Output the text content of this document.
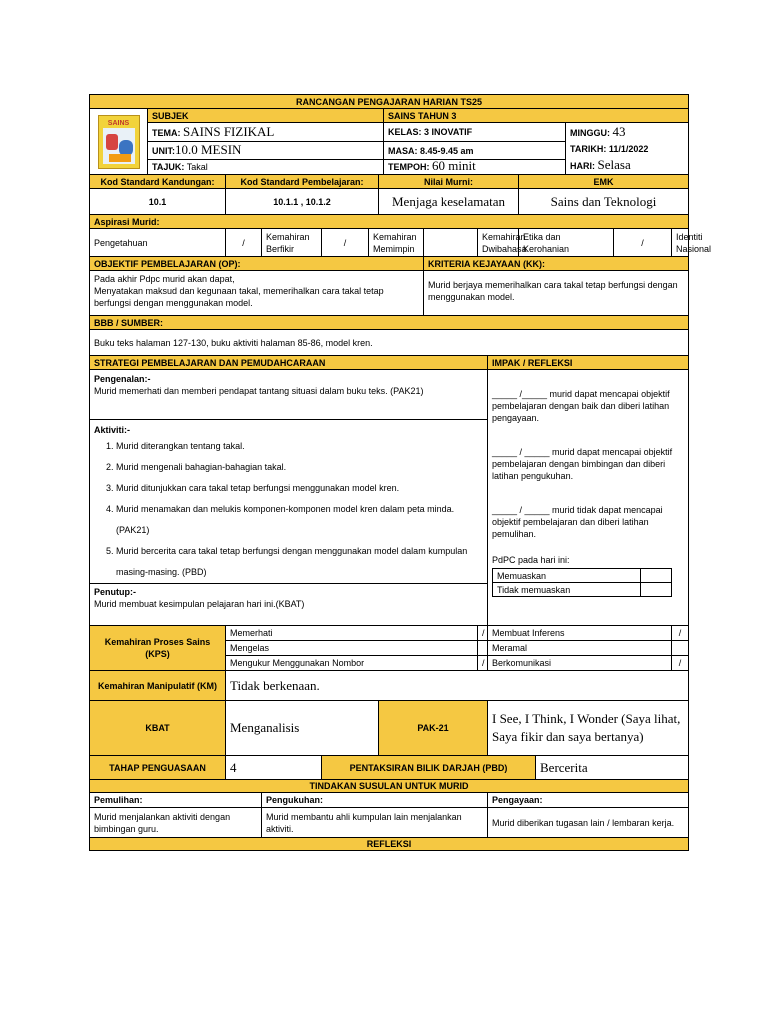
RANCANGAN PENGAJARAN HARIAN TS25

SAINS
	SUBJEK	SAINS TAHUN 3
TEMA: SAINS FIZIKAL	KELAS: 3 INOVATIF	MINGGU: 43
TARIKH: 11/1/2022
HARI: Selasa

UNIT:10.0 MESIN	MASA: 8.45-9.45 am
TAJUK: Takal	TEMPOH: 60 minit
Kod Standard Kandungan:	Kod Standard Pembelajaran:	Nilai Murni:	EMK
10.1	10.1.1 , 10.1.2	Menjaga keselamatan	Sains dan Teknologi
Aspirasi Murid:
Pengetahuan	/	Kemahiran Berfikir	/	Kemahiran Memimpin		Kemahiran Dwibahasa	Etika dan Kerohanian	/	Identiti Nasional	
OBJEKTIF PEMBELAJARAN (OP):	KRITERIA KEJAYAAN (KK):

Pada akhir Pdpc murid akan dapat,
Menyatakan maksud dan kegunaan takal, memerihalkan cara takal tetap berfungsi dengan menggunakan model.
	Murid berjaya memerihalkan cara takal tetap berfungsi dengan menggunakan model.
BBB / SUMBER:
Buku teks halaman 127-130, buku aktiviti halaman 85-86, model kren.
STRATEGI PEMBELAJARAN DAN PEMUDAHCARAAN	IMPAK / REFLEKSI

Pengenalan:-
Murid memerhati dan memberi pendapat tantang situasi dalam buku teks. (PAK21)	_____ /_____ murid dapat mencapai objektif pembelajaran dengan baik dan diberi latihan pengayaan.
_____ / _____ murid dapat mencapai objektif pembelajaran dengan bimbingan dan diberi latihan pengukuhan.
_____ / _____ murid tidak dapat mencapai objektif pembelajaran dan diberi latihan pemulihan.
PdPC pada hari ini:
Memuaskan	
Tidak memuaskan	

Aktiviti:-
1. Murid diterangkan tentang takal.
2. Murid mengenali bahagian-bahagian takal.
3. Murid ditunjukkan cara takal tetap berfungsi menggunakan model kren.
4. Murid menamakan dan melukis komponen-komponen model kren dalam peta minda. (PAK21)
5. Murid bercerita cara takal tetap berfungsi dengan menggunakan model dalam kumpulan masing-masing. (PBD)

Penutup:-
Murid membuat kesimpulan pelajaran hari ini.(KBAT)

Kemahiran Proses Sains (KPS)	Memerhati	/	Membuat Inferens	/
Mengelas		Meramal	
Mengukur Menggunakan Nombor	/	Berkomunikasi	/
Kemahiran Manipulatif (KM)	Tidak berkenaan.
KBAT	Menganalisis	PAK-21	I See, I Think, I Wonder (Saya lihat, Saya fikir dan saya bertanya)
TAHAP PENGUASAAN	4	PENTAKSIRAN BILIK DARJAH (PBD)	Bercerita
TINDAKAN SUSULAN UNTUK MURID
Pemulihan:	Pengukuhan:	Pengayaan:
Murid menjalankan aktiviti dengan bimbingan guru.	Murid membantu ahli kumpulan lain menjalankan aktiviti.	Murid diberikan tugasan lain / lembaran kerja.
REFLEKSI
